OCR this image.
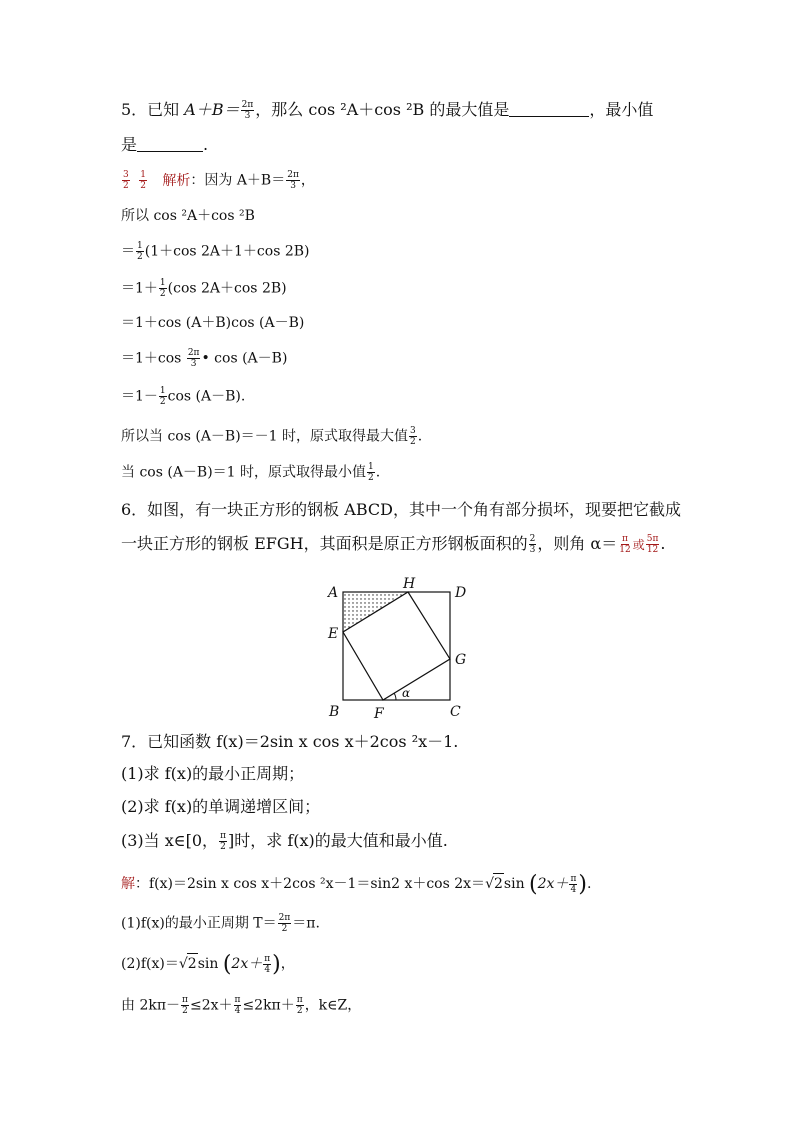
5．已知 $A+B= \frac{2\pi}{3}$ ，那么 cos ²A＋cos ²B 的最大值是	，最小值
是	.
$\frac{3}{2}$
$\frac{1}{2}$ 解析：因为 $A+B= \frac{2\pi}{3}$ ，
所以 cos ²A＋cos ²B
＝ $\frac{1}{2} (1+\cos$ 2A＋1＋cos 2B)
$=1+ \frac{1}{2} (\cos$ 2A＋cos 2B)
＝1＋cos (A＋B)cos (A－B)
$=1+\cos \frac{2\pi}{3}$ • cos (A－B)
$=1- \frac{1}{2}$ cos (A－B).
所以当 cos (A－B)＝－1 时，原式取得最大值 $\frac{3}{2}$ .
当 cos (A－B)＝1 时，原式取得最小值 $\frac{1}{2}$ .
6．如图，有一块正方形的钢板 ABCD，其中一个角有部分损坏，现要把它截成
一块正方形的钢板 EFGH，其面积是原正方形钢板面积的 $\frac{2}{3}$ ，则角 $\alpha= \frac{\pi}{12}$ 或 $\frac{5\pi}{12}$ .
A
H
D
E
G
B F	C
α
7．已知函数 f(x)＝2sin x cos x＋2cos ²x－1.
(1)求 f(x)的最小正周期；
(2)求 f(x)的单调递增区间；
(3)当 x∈[0， $\frac{\pi}{2}$ ]时，求 f(x)的最大值和最小值.
解：f(x)＝2sin x cos x＋2cos ²x－1＝sin2 x＋cos 2x＝√2sin ($2x+ \frac{\pi}{4}$ ).
(1)f(x)的最小正周期 $T= \frac{2\pi}{2} =\pi$.
(2)f(x)＝√2sin ($2x+ \frac{\pi}{4}$ )，
由 $2k\pi- \frac{\pi}{2} \le 2x+ \frac{\pi}{4} \le 2k\pi+ \frac{\pi}{2}$ ，k∈Z，
